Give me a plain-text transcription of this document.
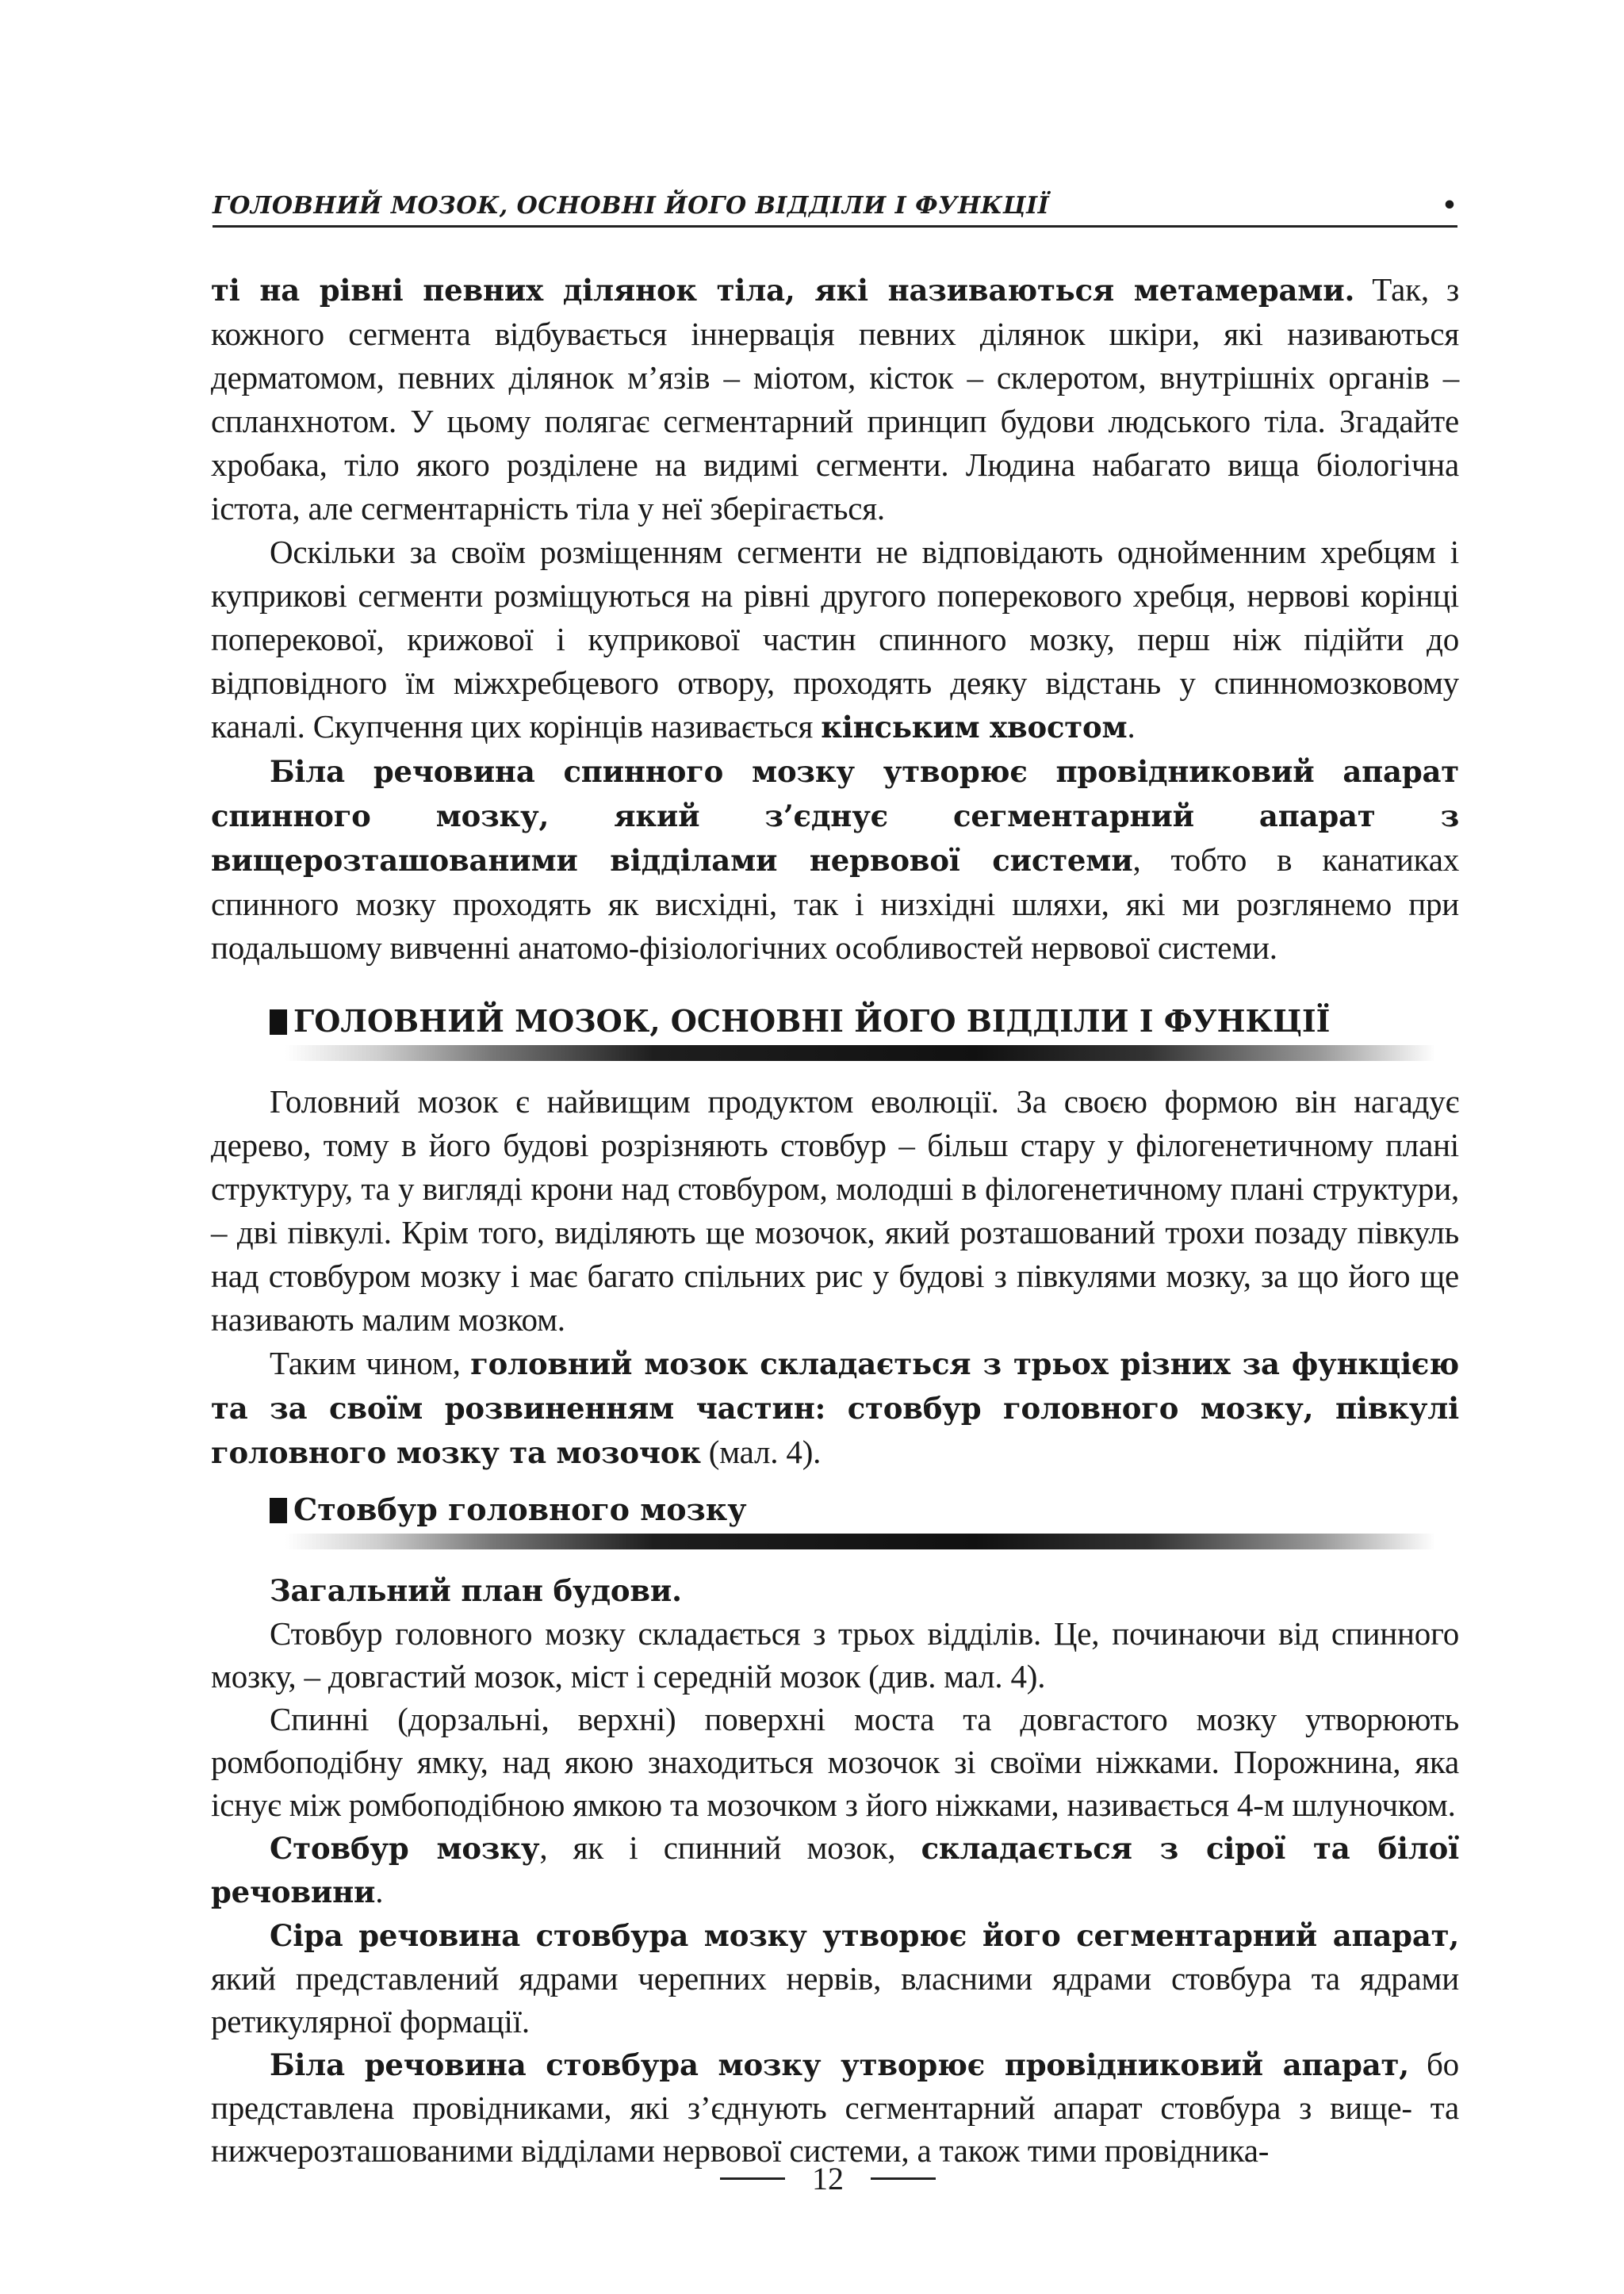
ГОЛОВНИЙ МОЗОК, ОСНОВНІ ЙОГО ВІДДІЛИ І ФУНКЦІЇ	•

ті на рівні певних ділянок тіла, які називаються метамерами. Так, з кожного сегмента відбувається іннервація певних ділянок шкіри, які називаються дерматомом, певних ділянок м’язів – міотом, кісток – склеротом, внутрішніх органів – спланхнотом. У цьому полягає сегментарний принцип будови людського тіла. Згадайте хробака, тіло якого розділене на видимі сегменти. Людина набагато вища біологічна істота, але сегментарність тіла у неї зберігається.

Оскільки за своїм розміщенням сегменти не відповідають однойменним хребцям і куприкові сегменти розміщуються на рівні другого поперекового хребця, нервові корінці поперекової, крижової і куприкової частин спинного мозку, перш ніж підійти до відповідного їм міжхребцевого отвору, проходять деяку відстань у спинномозковому каналі. Скупчення цих корінців називається кінським хвостом.

Біла речовина спинного мозку утворює провідниковий апарат спинного мозку, який з’єднує сегментарний апарат з вищерозташованими відділами нервової системи, тобто в канатиках спинного мозку проходять як висхідні, так і низхідні шляхи, які ми розглянемо при подальшому вивченні анатомо-фізіологічних особливостей нервової системи.

ГОЛОВНИЙ МОЗОК, ОСНОВНІ ЙОГО ВІДДІЛИ І ФУНКЦІЇ

Головний мозок є найвищим продуктом еволюції. За своєю формою він нагадує дерево, тому в його будові розрізняють стовбур – більш стару у філогенетичному плані структуру, та у вигляді крони над стовбуром, молодші в філогенетичному плані структури, – дві півкулі. Крім того, виділяють ще мозочок, який розташований трохи позаду півкуль над стовбуром мозку і має багато спільних рис у будові з півкулями мозку, за що його ще називають малим мозком.

Таким чином, головний мозок складається з трьох різних за функцією та за своїм розвиненням частин: стовбур головного мозку, півкулі головного мозку та мозочок (мал. 4).

Стовбур головного мозку

Загальний план будови.

Стовбур головного мозку складається з трьох відділів. Це, починаючи від спинного мозку, – довгастий мозок, міст і середній мозок (див. мал. 4).

Спинні (дорзальні, верхні) поверхні моста та довгастого мозку утворюють ромбоподібну ямку, над якою знаходиться мозочок зі своїми ніжками. Порожнина, яка існує між ромбоподібною ямкою та мозочком з його ніжками, називається 4-м шлуночком.

Стовбур мозку, як і спинний мозок, складається з сірої та білої речовини.

Сіра речовина стовбура мозку утворює його сегментарний апарат, який представлений ядрами черепних нервів, власними ядрами стовбура та ядрами ретикулярної формації.

Біла речовина стовбура мозку утворює провідниковий апарат, бо представлена провідниками, які з’єднують сегментарний апарат стовбура з вище- та нижчерозташованими відділами нервової системи, а також тими провідника-

12
